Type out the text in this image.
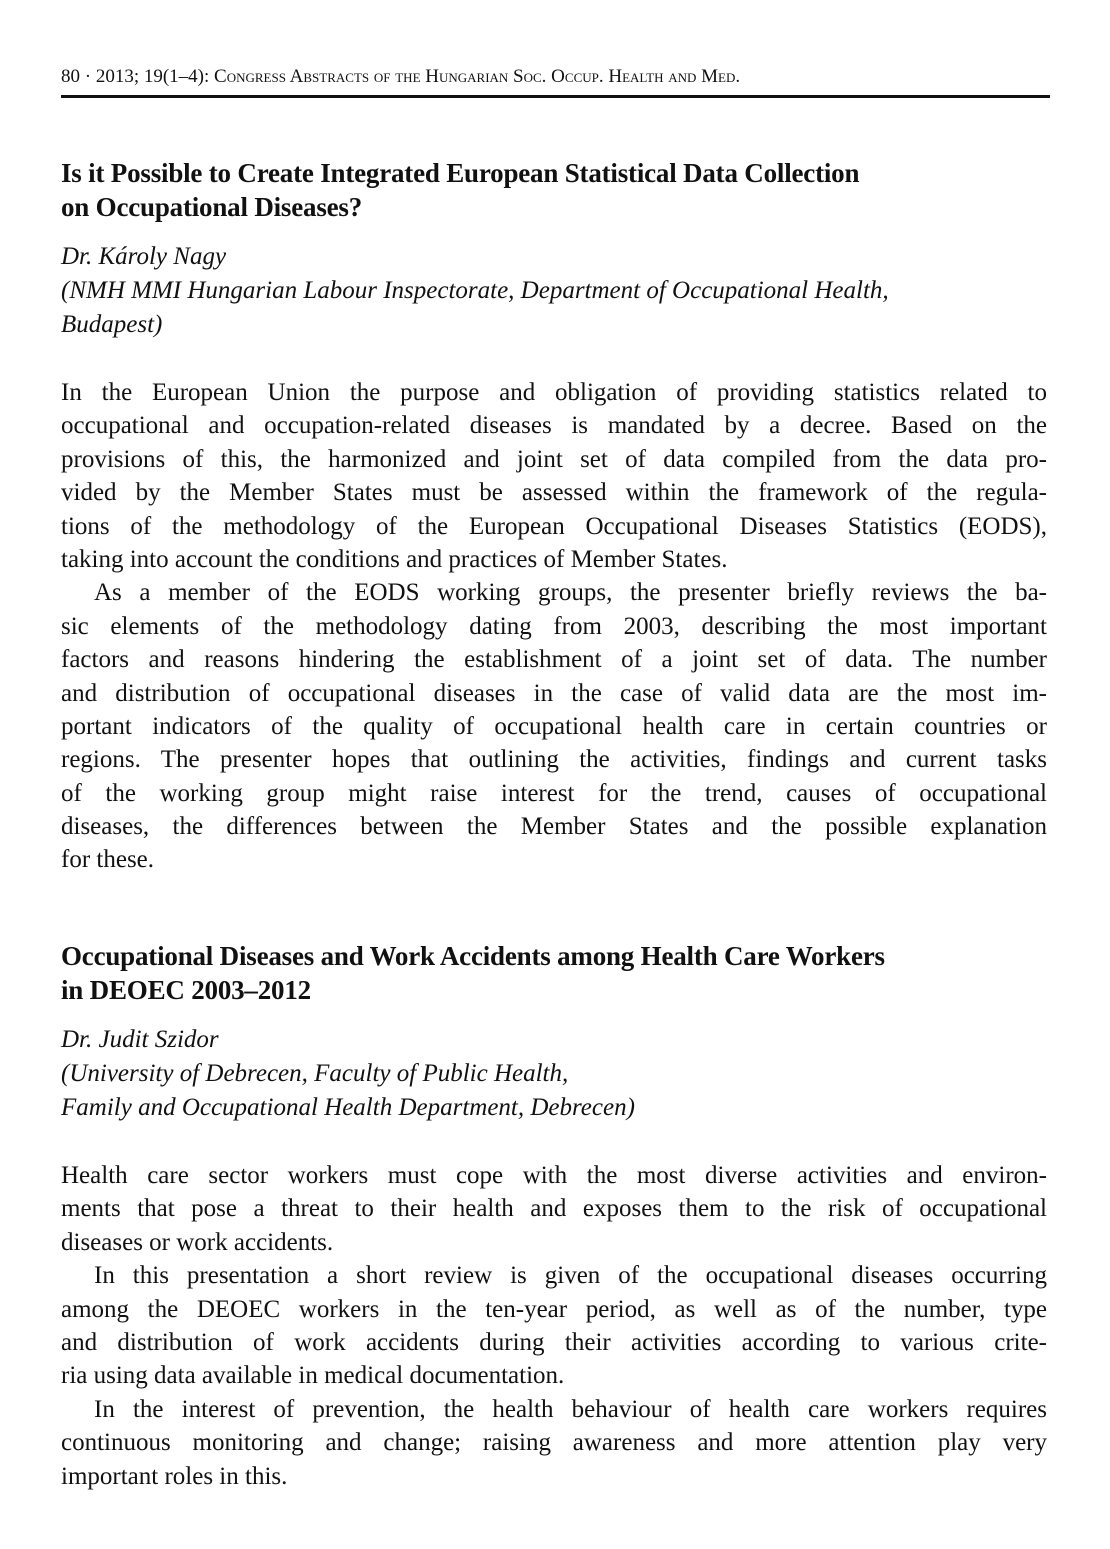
80 · 2013; 19(1–4): Congress Abstracts of the Hungarian Soc. Occup. Health and Med.
Is it Possible to Create Integrated European Statistical Data Collection
on Occupational Diseases?
Dr. Károly Nagy
(NMH MMI Hungarian Labour Inspectorate, Department of Occupational Health,
Budapest)
In the European Union the purpose and obligation of providing statistics related to
occupational and occupation-related diseases is mandated by a decree. Based on the
provisions of this, the harmonized and joint set of data compiled from the data pro-
vided by the Member States must be assessed within the framework of the regula-
tions of the methodology of the European Occupational Diseases Statistics (EODS),
taking into account the conditions and practices of Member States.
As a member of the EODS working groups, the presenter briefly reviews the ba-
sic elements of the methodology dating from 2003, describing the most important
factors and reasons hindering the establishment of a joint set of data. The number
and distribution of occupational diseases in the case of valid data are the most im-
portant indicators of the quality of occupational health care in certain countries or
regions. The presenter hopes that outlining the activities, findings and current tasks
of the working group might raise interest for the trend, causes of occupational
diseases, the differences between the Member States and the possible explanation
for these.
Occupational Diseases and Work Accidents among Health Care Workers
in DEOEC 2003–2012
Dr. Judit Szidor
(University of Debrecen, Faculty of Public Health,
Family and Occupational Health Department, Debrecen)
Health care sector workers must cope with the most diverse activities and environ-
ments that pose a threat to their health and exposes them to the risk of occupational
diseases or work accidents.
In this presentation a short review is given of the occupational diseases occurring
among the DEOEC workers in the ten-year period, as well as of the number, type
and distribution of work accidents during their activities according to various crite-
ria using data available in medical documentation.
In the interest of prevention, the health behaviour of health care workers requires
continuous monitoring and change; raising awareness and more attention play very
important roles in this.
